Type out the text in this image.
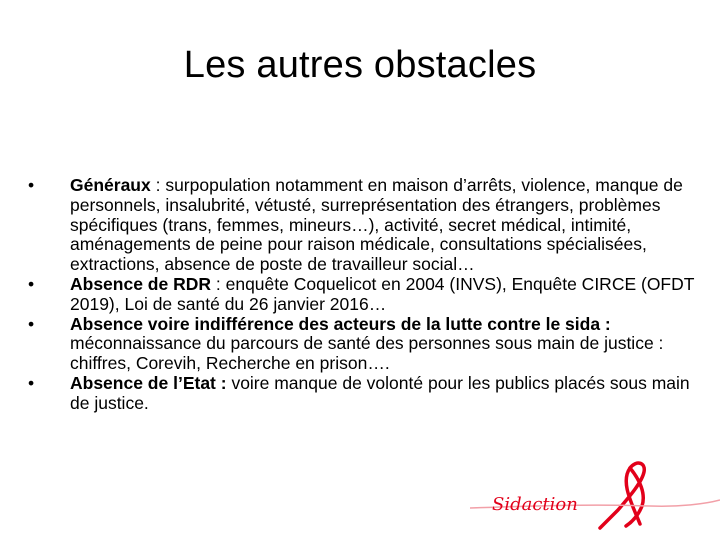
Les autres obstacles
•	Généraux : surpopulation notamment en maison d’arrêts, violence, manque de personnels, insalubrité, vétusté, surreprésentation des étrangers, problèmes spécifiques (trans, femmes, mineurs…), activité, secret médical, intimité, aménagements de peine pour raison médicale, consultations spécialisées, extractions, absence de poste de travailleur social…
•	Absence de RDR : enquête Coquelicot en 2004 (INVS), Enquête CIRCE (OFDT 2019), Loi de santé du 26 janvier 2016…
•	Absence voire indifférence des acteurs de la lutte contre le sida : méconnaissance du parcours de santé des personnes sous main de justice : chiffres, Corevih, Recherche en prison….
•	Absence de l’Etat : voire manque de volonté pour les publics placés sous main de justice.
Sidaction
